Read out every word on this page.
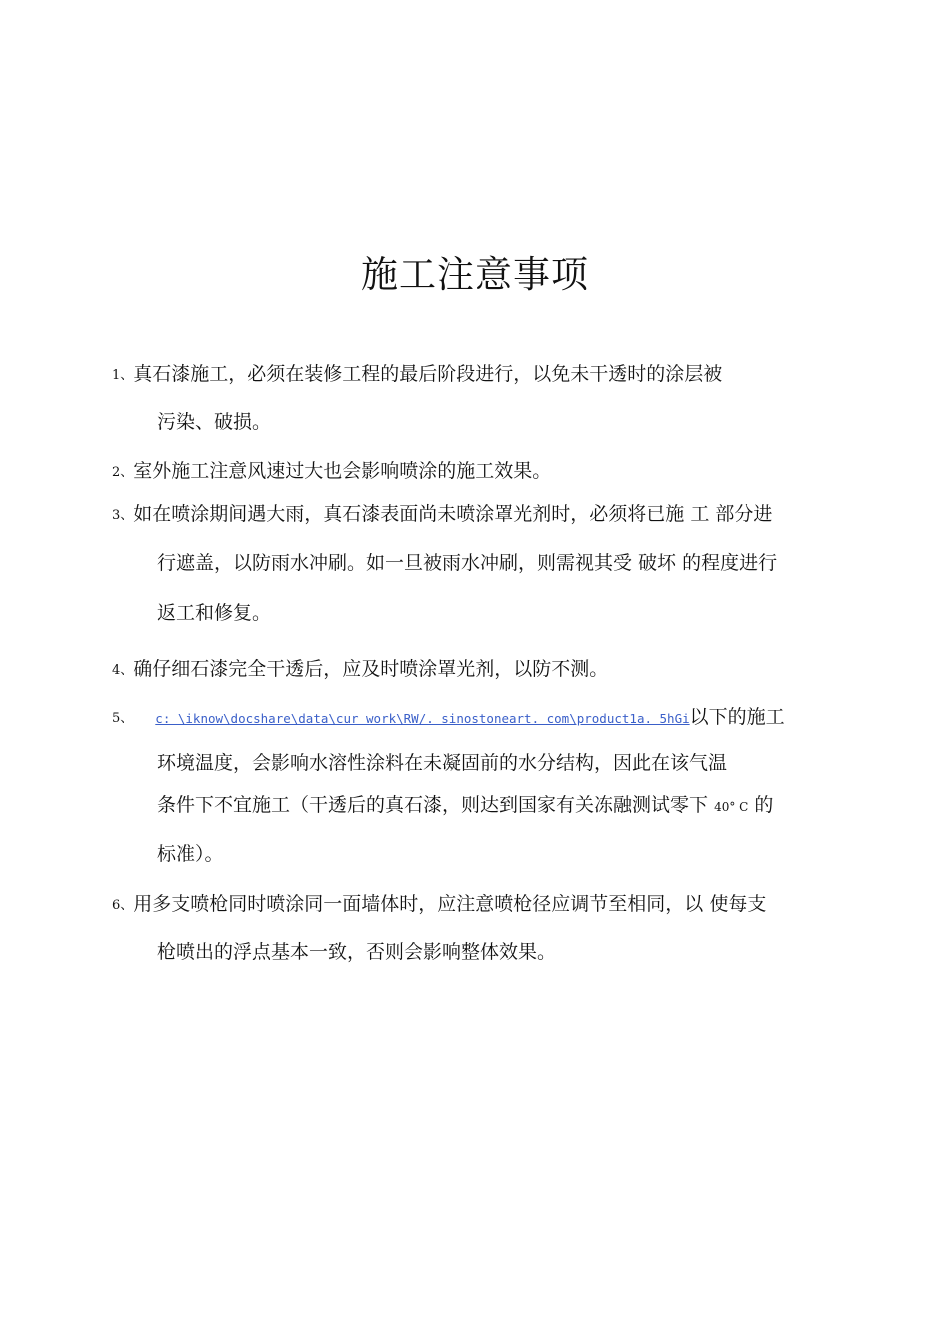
施工注意事项
1、真石漆施工，必须在装修工程的最后阶段进行，以免未干透时的涂层被
污染、破损。
2、室外施工注意风速过大也会影响喷涂的施工效果。
3、如在喷涂期间遇大雨，真石漆表面尚未喷涂罩光剂时，必须将已施 工 部分进
行遮盖，以防雨水冲刷。如一旦被雨水冲刷，则需视其受 破坏 的程度进行
返工和修复。
4、确仔细石漆完全干透后，应及时喷涂罩光剂，以防不测。
5、 c: \iknow\docshare\data\cur work\RW/. sinostoneart. com\product1a. 5hGi以下的施工
环境温度，会影响水溶性涂料在未凝固前的水分结构，因此在该气温
条件下不宜施工（干透后的真石漆，则达到国家有关冻融测试零下 40° C 的
标准）。
6、用多支喷枪同时喷涂同一面墙体时，应注意喷枪径应调节至相同，以 使每支
枪喷出的浮点基本一致，否则会影响整体效果。
